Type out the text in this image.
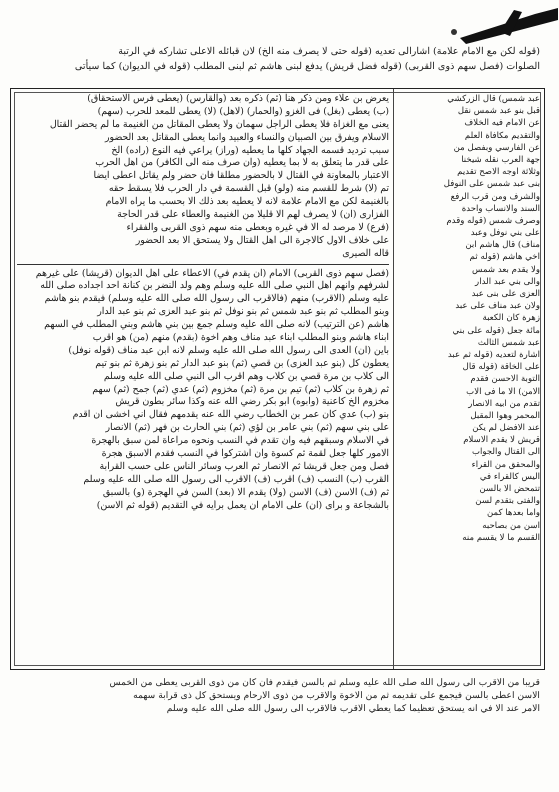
(قوله لكن مع الامام علامة) اشارالى تعديه (قوله حتى لا يصرف منه الخ) لان قبائله الاعلى تشاركه في الرتبة
الصلوات (فصل سهم ذوى القربى) (قوله فضل قريش) يدفع لبنى هاشم ثم لبنى المطلب (قوله في الديوان) كما سيأتى
يعرض بن علاء ومن ذكر هنا (ثم) ذكره بعد (والقارس) (يعطى فرس الاستحقاق)
(ب) يعطى (بغل) فى الغزو (والحمار) (لاهل) (لا) يعطى للمعد للحرب (سهم)
يعنى مع الغزاة فلا يعطى الراجل سهمان ولا يعطى المقاتل من الغنيمة ما لم يحضر القتال
الاسلام ويفرق بين الصبيان والنساء والعبيد وانما يعطى المقاتل بعد الحضور
سبب ترديد قسمه الجهاد كلها ما يعطيه (وراز) يراعي فيه النوع (راده) الخ
على قدر ما يتعلق به لا بما يعطيه (وان صرف منه الى الكافر) من اهل الحرب
الاعتبار بالمعاونة في القتال لا بالحضور مطلقا فان حضر ولم يقاتل اعطى ايضا
تم (لا) شرط للقسم منه (ولو) قبل القسمة في دار الحرب فلا يسقط حقه
بالغنيمة لكن مع الامام علامة لانه لا يعطيه بعد ذلك الا بحسب ما يراه الامام
الفزارى (ان) لا يصرف لهم الا قليلا من الغنيمة والعطاء على قدر الحاجة
(فرع) لا مرصد له الا في غيره وبعطى منه سهم ذوى القربى والفقراء
على خلاف الاول كالاجرة الى اهل القتال ولا يستحق الا بعد الحضور
قاله الصيرى
(فصل سهم ذوى القربى) الامام (ان يقدم في) الاعطاء على اهل الديوان (قريشا) على غيرهم
لشرفهم وانهم اهل النبي صلى الله عليه وسلم وهم ولد النضر بن كنانة احد اجداده صلى الله
عليه وسلم (الاقرب) منهم (فالاقرب الى رسول الله صلى الله عليه وسلم) فيقدم بنو هاشم
وبنو المطلب ثم بنو عبد شمس ثم بنو نوفل ثم بنو عبد العزى ثم بنو عبد الدار
هاشم (عن الترتيب) لانه صلى الله عليه وسلم جمع بين بني هاشم وبني المطلب في السهم
ابناء هاشم وبنو المطلب ابناء عبد مناف وهم اخوة (بقدم) منهم (من) هو اقرب
باين (ان) العدى الى رسول الله صلى الله عليه وسلم لانه ابن عبد مناف (قوله نوفل)
يعطون كل (بنو عبد العزى) بن قصي (ثم) بنو عبد الدار ثم بنو زهرة ثم بنو تيم
الى كلاب بن مرة قصي بن كلاب وهم اقرب الى النبي صلى الله عليه وسلم
ثم زهرة بن كلاب (ثم) تيم بن مرة (ثم) مخزوم (ثم) عدي (ثم) جمح (ثم) سهم
مخزوم الخ كاعنية (وابوه) ابو بكر رضي الله عنه وكذا سائر بطون قريش
بنو (ب) عدي كان عمر بن الخطاب رضي الله عنه يقدمهم فقال اني اخشى ان اقدم
على بني سهم (ثم) بني عامر بن لؤي (ثم) بني الحارث بن فهر (ثم) الانصار
في الاسلام وسبقهم فيه وان تقدم في النسب ونحوه مراعاة لمن سبق بالهجرة
الامور كلها جعل لقمة ثم كسوة وان اشتركوا في النسب فقدم الاسبق هجرة
فصل ومن جعل قريشا ثم الانصار ثم العرب وسائر الناس على حسب القرابة
القرب (ب) النسب (ف) اقرب (ف) الاقرب الى رسول الله صلى الله عليه وسلم
ثم (ف) الاسن (ف) الاسن (ولا) يقدم الا (بعد) السن في الهجرة (و) بالسبق
بالشجاعة و براى (ان) على الامام ان يعمل برأيه في التقديم (قوله ثم الاسن)
عبد شمس) قال الزركشي
قبل بنو عبد شمس نقل
عن الامام فيه الخلاف
والتقديم مكافاة العلم
عن الفارسي وبفصل من
جهة العرب نقله شيخنا
وثلاثة اوجه الاصح تقديم
بنى عبد شمس على النوفل
والشرف ومن قرب الرفع
السند والانساب واحدة
وصرف شمس (قوله وقدم
على بني نوفل وعبد
مناف) قال هاشم ابن
اخي هاشم (قوله ثم
ولا يقدم بعد شمس
والى بني عبد الدار
العزى على بنى عبد
ولان عبد مناف على عبد
زهرة كان الكعبة
مائة جعل (قوله على بني
عبد شمس الثالث
اشارة لتعديه (قوله ثم عبد
على الخاقة (قوله قال
التوبة الاحسن فقدم
الامن) الا ما فى الاب
تقدم من ابيه الانصار
المحمر وهوا المقبل
عند الافضل لم يكن
قريش لا يقدم الاسلام
الى القتال والجواب
والمحقق من القراء
اليس كالقراء في
تتمحض الا بالسن
والفتى بتقدم لسن
واما بعدها كمن
اسن من بصاحبه
القسم ما لا يقسم منه
قريبا من الاقرب الى رسول الله صلى الله عليه وسلم ثم بالسن فيقدم فان كان من ذوى القربى يعطى من الخمس
الاسن اعطى بالسن فيجمع على تقديمه ثم من الاخوة والاقرب من ذوى الارحام ويستحق كل ذى قرابة سهمه
الامر عند الا في انه يستحق تعظيما كما يعطي الاقرب فالاقرب الى رسول الله صلى الله عليه وسلم
